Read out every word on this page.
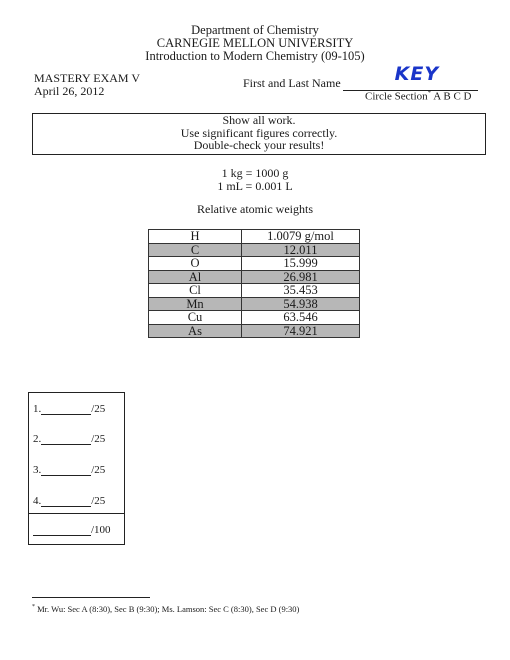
Department of Chemistry
CARNEGIE MELLON UNIVERSITY
Introduction to Modern Chemistry (09-105)
MASTERY EXAM V
April 26, 2012
First and Last Name	KEY
Circle Section* A B C D
Show all work.
Use significant figures correctly.
Double-check your results!
1 kg = 1000 g
1 mL = 0.001 L
Relative atomic weights
H	1.0079 g/mol
C	12.011
O	15.999
Al	26.981
Cl	35.453
Mn	54.938
Cu	63.546
As	74.921
1.	/25
2.	/25
3.	/25
4.	/25
/100
* Mr. Wu: Sec A (8:30), Sec B (9:30); Ms. Lamson: Sec C (8:30), Sec D (9:30)
